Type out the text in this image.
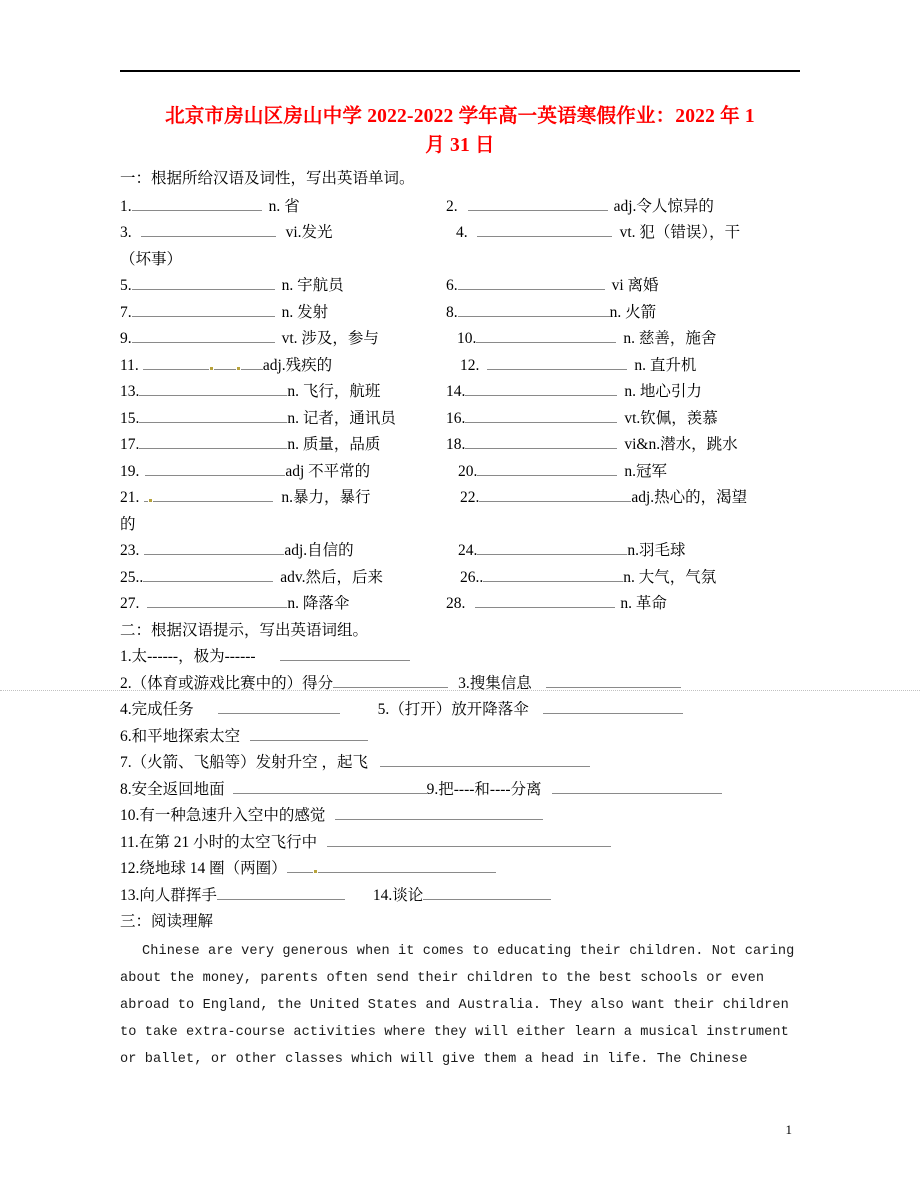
北京市房山区房山中学 2022-2022 学年高一英语寒假作业：2022 年 1
月 31 日
一：根据所给汉语及词性，写出英语单词。
1.	n. 省	2.	adj.令人惊异的
3.	vi.发光	4.	vt. 犯（错误），干
（坏事）
5.	n. 宇航员	6.	vi 离婚
7.	n. 发射	8.	n. 火箭
9.	vt. 涉及，参与	10.	n. 慈善，施舍
11.	adj.残疾的	12.	n. 直升机
13.	n. 飞行，航班	14.	n. 地心引力
15.	n. 记者，通讯员	16.	vt.钦佩，羡慕
17.	n. 质量，品质	18.	vi&n.潜水，跳水
19.	adj 不平常的	20.	n.冠军
21.	n.暴力，暴行	22.	adj.热心的，渴望
的
23.	adj.自信的	24.	n.羽毛球
25..	adv.然后，后来	26..	n. 大气，气氛
27.	n. 降落伞	28.	n. 革命
二：根据汉语提示，写出英语词组。
1. 太------，极为------
2. （体育或游戏比赛中的）得分	3. 搜集信息
4. 完成任务	5. （打开）放开降落伞
6. 和平地探索太空
7. （火箭、飞船等）发射升空 ，起飞
8. 安全返回地面	9. 把----和----分离
10. 有一种急速升入空中的感觉
11. 在第 21 小时的太空飞行中
12. 绕地球 14 圈（两圈）
13. 向人群挥手	14. 谈论
三：阅读理解

Chinese are very generous when it comes to educating their children. Not caring

about the money, parents often send their children to the best schools or even

abroad to England, the United States and Australia. They also want their children

to take extra-course activities where they will either learn a musical instrument

or ballet, or other classes which will give them a head in life. The Chinese

1
